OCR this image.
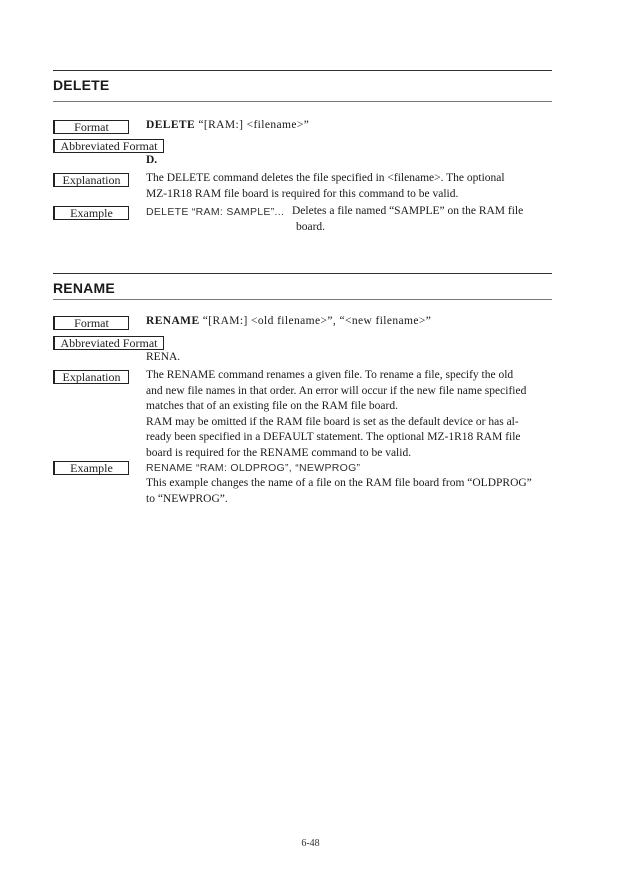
DELETE
Format	DELETE “[RAM:] <filename>”
Abbreviated Format
D.
Explanation	The DELETE command deletes the file specified in <filename>. The optional
MZ-1R18 RAM file board is required for this command to be valid.
Example	DELETE “RAM: SAMPLE”... Deletes a file named “SAMPLE” on the RAM file
board.
RENAME
Format	RENAME “[RAM:] <old filename>”, “<new filename>”
Abbreviated Format
RENA.
Explanation	The RENAME command renames a given file. To rename a file, specify the old
and new file names in that order. An error will occur if the new file name specified
matches that of an existing file on the RAM file board.
RAM may be omitted if the RAM file board is set as the default device or has al-
ready been specified in a DEFAULT statement. The optional MZ-1R18 RAM file
board is required for the RENAME command to be valid.
Example	RENAME “RAM: OLDPROG”, “NEWPROG”
This example changes the name of a file on the RAM file board from “OLDPROG”
to “NEWPROG”.
6-48
